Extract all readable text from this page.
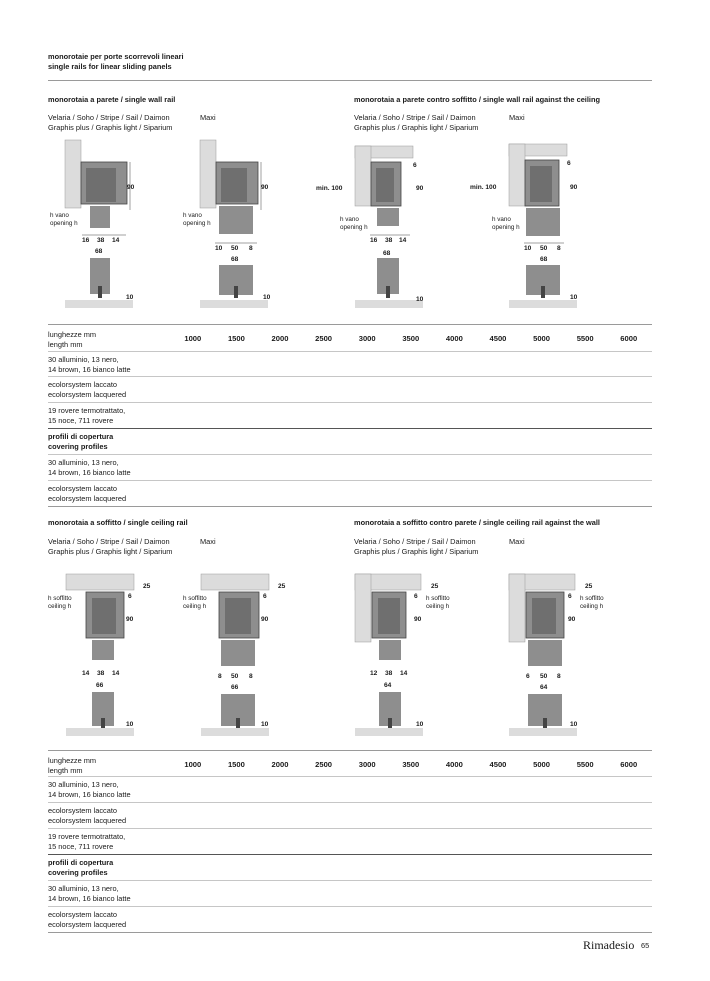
monorotaie per porte scorrevoli lineari
single rails for linear sliding panels
monorotaia a parete / single wall rail	monorotaia a parete contro soffitto / single wall rail against the ceiling
Velaria / Soho / Stripe / Sail / Daimon
Graphis plus / Graphis light / Siparium
Maxi	Velaria / Soho / Stripe / Sail / Daimon
Graphis plus / Graphis light / Siparium
Maxi
90
h vano
opening h
16 38 14
68
10
90
h vano
opening h
10 50 8
68
10
6
90
min. 100
h vano
opening h
16 38 14
68
10
6
90
min. 100
h vano
opening h
10 50 8
68
10
lunghezze mm
length mm
1000	1500	2000	2500	3000	3500	4000	4500	5000	5500	6000
30 alluminio, 13 nero,
14 brown, 16 bianco latte
ecolorsystem laccato
ecolorsystem lacquered
19 rovere termotrattato,
15 noce, 711 rovere
profili di copertura
covering profiles
30 alluminio, 13 nero,
14 brown, 16 bianco latte
ecolorsystem laccato
ecolorsystem lacquered
monorotaia a soffitto / single ceiling rail	monorotaia a soffitto contro parete / single ceiling rail against the wall
Velaria / Soho / Stripe / Sail / Daimon
Graphis plus / Graphis light / Siparium
Maxi	Velaria / Soho / Stripe / Sail / Daimon
Graphis plus / Graphis light / Siparium
Maxi
25
6
90
h soffitto
ceiling h
14 38 14
66
10
25
6
90
h soffitto
ceiling h
8 50 8
66
10
25
6
90
h soffitto
ceiling h
12 38 14
64
10
25
6
90
h soffitto
ceiling h
6 50 8
64
10
lunghezze mm
length mm
1000	1500	2000	2500	3000	3500	4000	4500	5000	5500	6000
30 alluminio, 13 nero,
14 brown, 16 bianco latte
ecolorsystem laccato
ecolorsystem lacquered
19 rovere termotrattato,
15 noce, 711 rovere
profili di copertura
covering profiles
30 alluminio, 13 nero,
14 brown, 16 bianco latte
ecolorsystem laccato
ecolorsystem lacquered
Rimadesio 65
